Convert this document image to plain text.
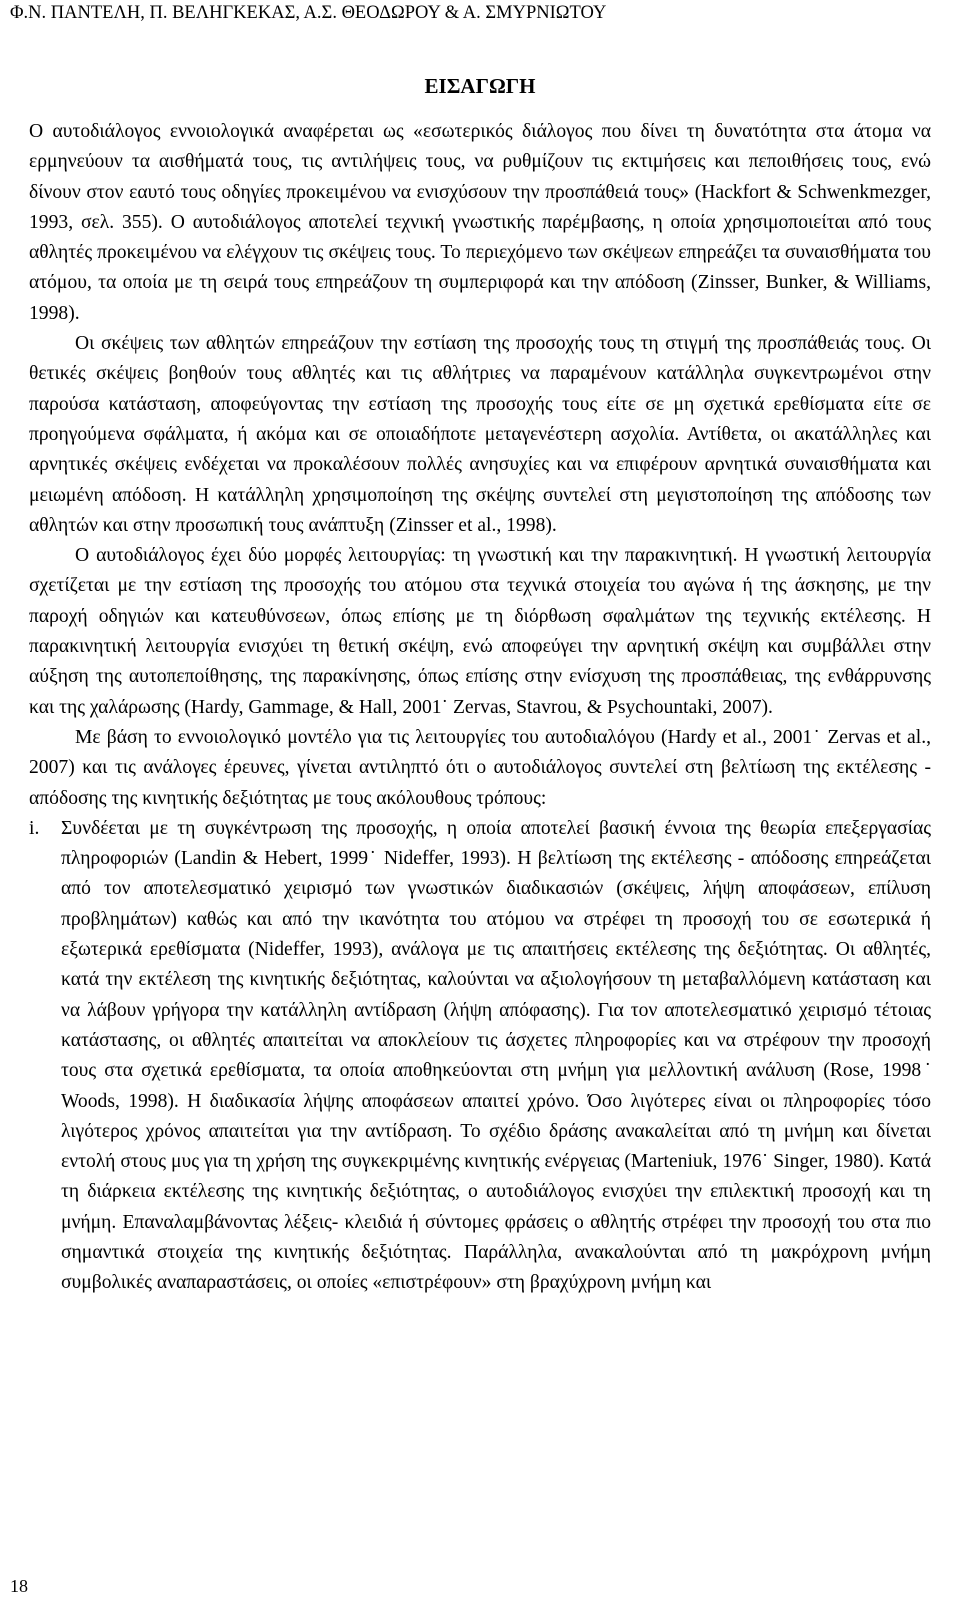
Φ.Ν. ΠΑΝΤΕΛΗ, Π. ΒΕΛΗΓΚΕΚΑΣ, Α.Σ. ΘΕΟΔΩΡΟΥ & Α. ΣΜΥΡΝΙΩΤΟΥ
ΕΙΣΑΓΩΓΗ

Ο αυτοδιάλογος εννοιολογικά αναφέρεται ως «εσωτερικός διάλογος που δίνει τη δυνατότητα στα άτομα να ερμηνεύουν τα αισθήματά τους, τις αντιλήψεις τους, να ρυθμίζουν τις εκτιμήσεις και πεποιθήσεις τους, ενώ δίνουν στον εαυτό τους οδηγίες προκειμένου να ενισχύσουν την προσπάθειά τους» (Hackfort & Schwenkmezger, 1993, σελ. 355). Ο αυτοδιάλογος αποτελεί τεχνική γνωστικής παρέμβασης, η οποία χρησιμοποιείται από τους αθλητές προκειμένου να ελέγχουν τις σκέψεις τους. Το περιεχόμενο των σκέψεων επηρεάζει τα συναισθήματα του ατόμου, τα οποία με τη σειρά τους επηρεάζουν τη συμπεριφορά και την απόδοση (Zinsser, Bunker, & Williams, 1998).

Οι σκέψεις των αθλητών επηρεάζουν την εστίαση της προσοχής τους τη στιγμή της προσπάθειάς τους. Οι θετικές σκέψεις βοηθούν τους αθλητές και τις αθλήτριες να παραμένουν κατάλληλα συγκεντρωμένοι στην παρούσα κατάσταση, αποφεύγοντας την εστίαση της προσοχής τους είτε σε μη σχετικά ερεθίσματα είτε σε προηγούμενα σφάλματα, ή ακόμα και σε οποιαδήποτε μεταγενέστερη ασχολία. Αντίθετα, οι ακατάλληλες και αρνητικές σκέψεις ενδέχεται να προκαλέσουν πολλές ανησυχίες και να επιφέρουν αρνητικά συναισθήματα και μειωμένη απόδοση. Η κατάλληλη χρησιμοποίηση της σκέψης συντελεί στη μεγιστοποίηση της απόδοσης των αθλητών και στην προσωπική τους ανάπτυξη (Zinsser et al., 1998).

Ο αυτοδιάλογος έχει δύο μορφές λειτουργίας: τη γνωστική και την παρακινητική. Η γνωστική λειτουργία σχετίζεται με την εστίαση της προσοχής του ατόμου στα τεχνικά στοιχεία του αγώνα ή της άσκησης, με την παροχή οδηγιών και κατευθύνσεων, όπως επίσης με τη διόρθωση σφαλμάτων της τεχνικής εκτέλεσης. Η παρακινητική λειτουργία ενισχύει τη θετική σκέψη, ενώ αποφεύγει την αρνητική σκέψη και συμβάλλει στην αύξηση της αυτοπεποίθησης, της παρακίνησης, όπως επίσης στην ενίσχυση της προσπάθειας, της ενθάρρυνσης και της χαλάρωσης (Hardy, Gammage, & Hall, 2001˙ Zervas, Stavrou, & Psychountaki, 2007).

Με βάση το εννοιολογικό μοντέλο για τις λειτουργίες του αυτοδιαλόγου (Hardy et al., 2001˙ Zervas et al., 2007) και τις ανάλογες έρευνες, γίνεται αντιληπτό ότι ο αυτοδιάλογος συντελεί στη βελτίωση της εκτέλεσης - απόδοσης της κινητικής δεξιότητας με τους ακόλουθους τρόπους:

i. Συνδέεται με τη συγκέντρωση της προσοχής, η οποία αποτελεί βασική έννοια της θεωρία επεξεργασίας πληροφοριών (Landin & Hebert, 1999˙ Nideffer, 1993). Η βελτίωση της εκτέλεσης - απόδοσης επηρεάζεται από τον αποτελεσματικό χειρισμό των γνωστικών διαδικασιών (σκέψεις, λήψη αποφάσεων, επίλυση προβλημάτων) καθώς και από την ικανότητα του ατόμου να στρέφει τη προσοχή του σε εσωτερικά ή εξωτερικά ερεθίσματα (Nideffer, 1993), ανάλογα με τις απαιτήσεις εκτέλεσης της δεξιότητας. Οι αθλητές, κατά την εκτέλεση της κινητικής δεξιότητας, καλούνται να αξιολογήσουν τη μεταβαλλόμενη κατάσταση και να λάβουν γρήγορα την κατάλληλη αντίδραση (λήψη απόφασης). Για τον αποτελεσματικό χειρισμό τέτοιας κατάστασης, οι αθλητές απαιτείται να αποκλείουν τις άσχετες πληροφορίες και να στρέφουν την προσοχή τους στα σχετικά ερεθίσματα, τα οποία αποθηκεύονται στη μνήμη για μελλοντική ανάλυση (Rose, 1998˙ Woods, 1998). Η διαδικασία λήψης αποφάσεων απαιτεί χρόνο. Όσο λιγότερες είναι οι πληροφορίες τόσο λιγότερος χρόνος απαιτείται για την αντίδραση. Το σχέδιο δράσης ανακαλείται από τη μνήμη και δίνεται εντολή στους μυς για τη χρήση της συγκεκριμένης κινητικής ενέργειας (Marteniuk, 1976˙ Singer, 1980). Κατά τη διάρκεια εκτέλεσης της κινητικής δεξιότητας, ο αυτοδιάλογος ενισχύει την επιλεκτική προσοχή και τη μνήμη. Επαναλαμβάνοντας λέξεις- κλειδιά ή σύντομες φράσεις ο αθλητής στρέφει την προσοχή του στα πιο σημαντικά στοιχεία της κινητικής δεξιότητας. Παράλληλα, ανακαλούνται από τη μακρόχρονη μνήμη συμβολικές αναπαραστάσεις, οι οποίες «επιστρέφουν» στη βραχύχρονη μνήμη και

18
